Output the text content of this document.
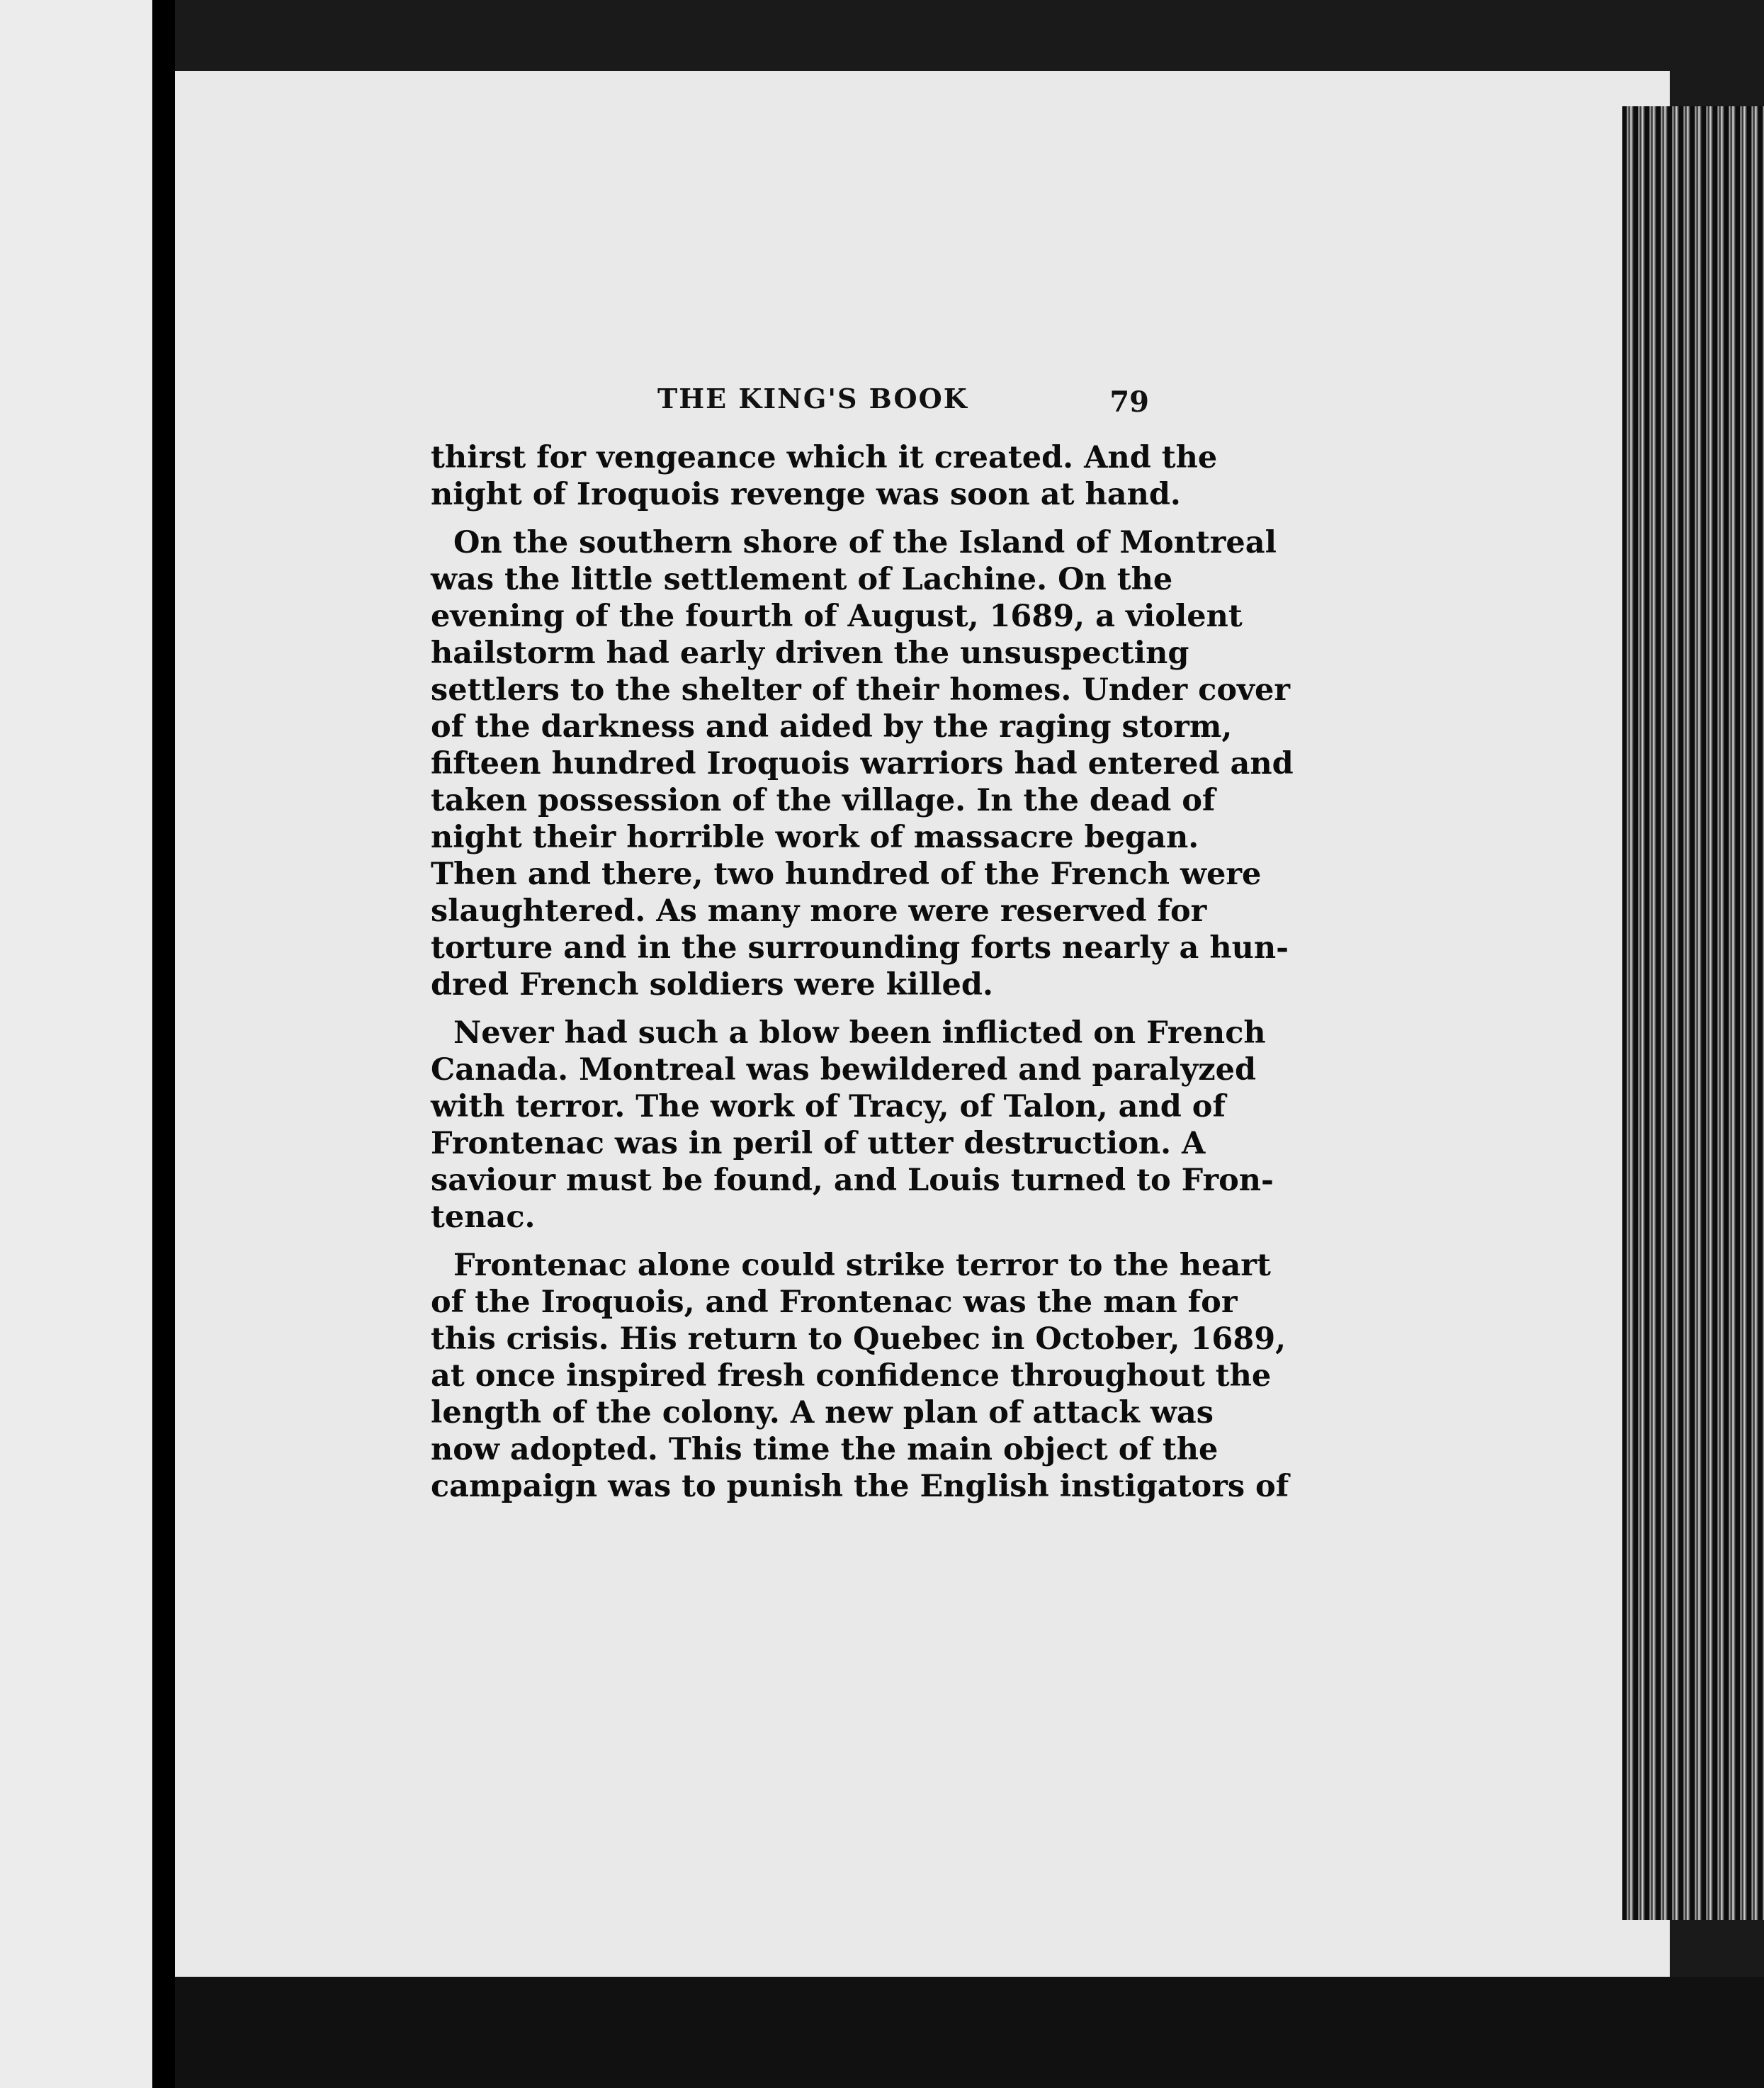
THE KING'S BOOK	79
thirst for vengeance which it created. And the
night of Iroquois revenge was soon at hand.
On the southern shore of the Island of Montreal
was the little settlement of Lachine. On the
evening of the fourth of August, 1689, a violent
hailstorm had early driven the unsuspecting
settlers to the shelter of their homes. Under cover
of the darkness and aided by the raging storm,
fifteen hundred Iroquois warriors had entered and
taken possession of the village. In the dead of
night their horrible work of massacre began.
Then and there, two hundred of the French were
slaughtered. As many more were reserved for
torture and in the surrounding forts nearly a hun-
dred French soldiers were killed.
Never had such a blow been inflicted on French
Canada. Montreal was bewildered and paralyzed
with terror. The work of Tracy, of Talon, and of
Frontenac was in peril of utter destruction. A
saviour must be found, and Louis turned to Fron-
tenac.
Frontenac alone could strike terror to the heart
of the Iroquois, and Frontenac was the man for
this crisis. His return to Quebec in October, 1689,
at once inspired fresh confidence throughout the
length of the colony. A new plan of attack was
now adopted. This time the main object of the
campaign was to punish the English instigators of
